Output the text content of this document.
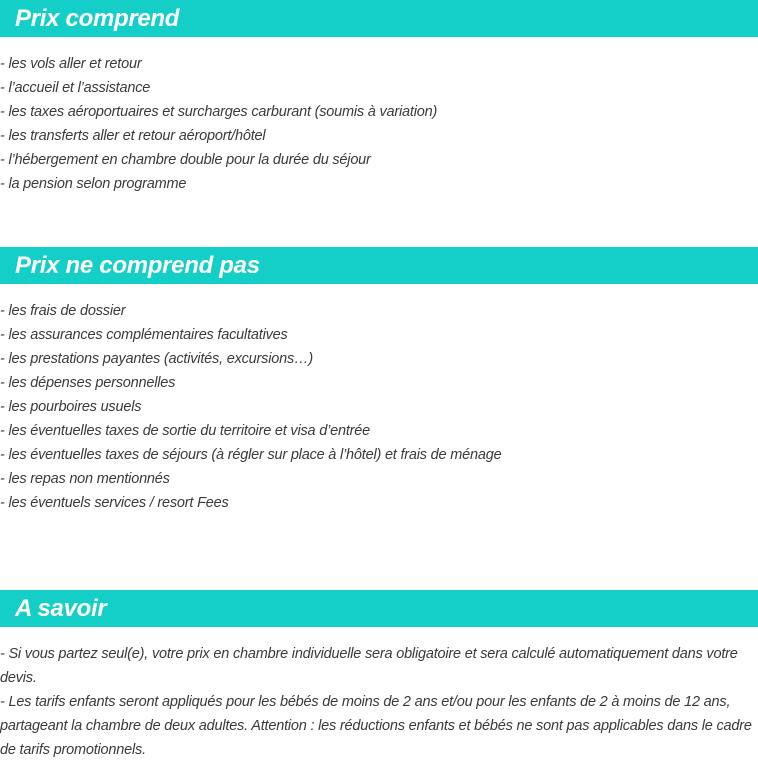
Prix comprend
- les vols aller et retour
- l’accueil et l’assistance
- les taxes aéroportuaires et surcharges carburant (soumis à variation)
- les transferts aller et retour aéroport/hôtel
- l’hébergement en chambre double pour la durée du séjour
- la pension selon programme
Prix ne comprend pas
- les frais de dossier
- les assurances complémentaires facultatives
- les prestations payantes (activités, excursions…)
- les dépenses personnelles
- les pourboires usuels
- les éventuelles taxes de sortie du territoire et visa d’entrée
- les éventuelles taxes de séjours (à régler sur place à l’hôtel) et frais de ménage
- les repas non mentionnés
- les éventuels services / resort Fees
A savoir

- Si vous partez seul(e), votre prix en chambre individuelle sera obligatoire et sera calculé automatiquement dans votre devis.

- Les tarifs enfants seront appliqués pour les bébés de moins de 2 ans et/ou pour les enfants de 2 à moins de 12 ans, partageant la chambre de deux adultes. Attention : les réductions enfants et bébés ne sont pas applicables dans le cadre de tarifs promotionnels.
